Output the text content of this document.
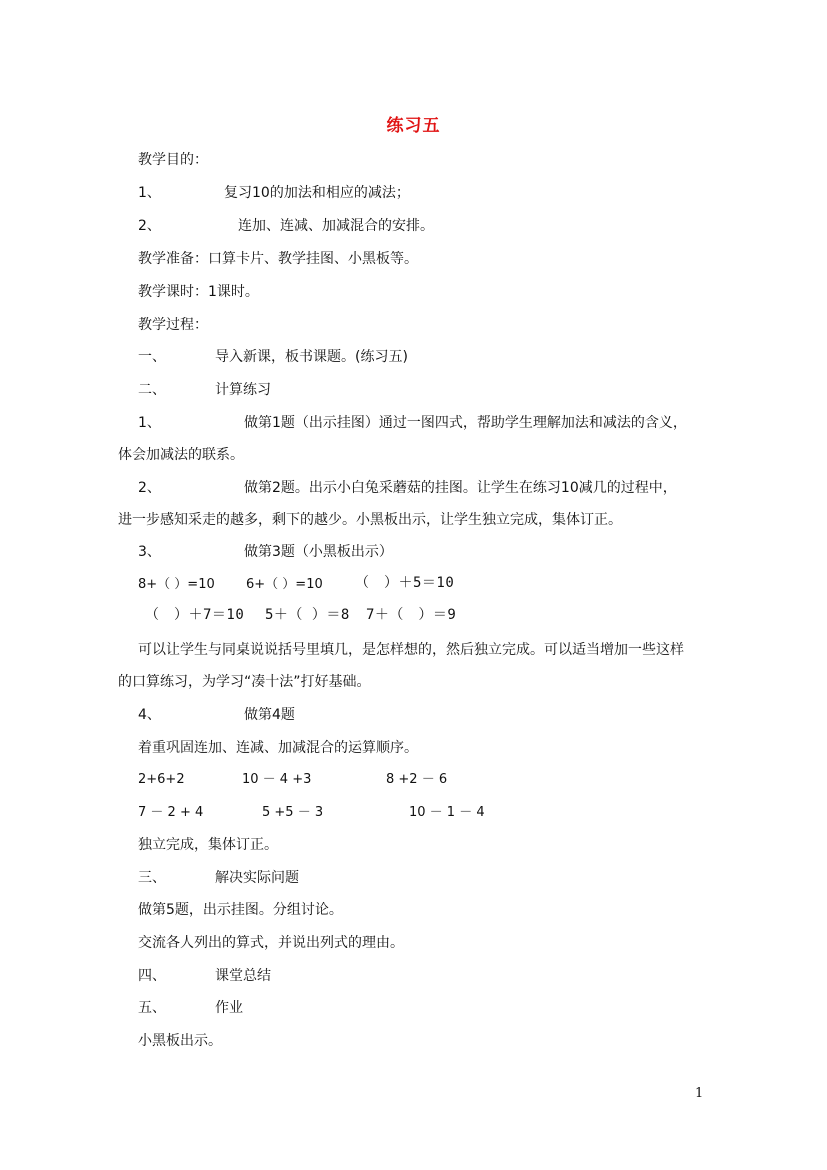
练习五
教学目的：
1、	复习10的加法和相应的减法；
2、	连加、连减、加减混合的安排。
教学准备：口算卡片、教学挂图、小黑板等。
教学课时：1课时。
教学过程：
一、	导入新课，板书课题。(练习五)
二、	计算练习
1、	做第1题（出示挂图）通过一图四式，帮助学生理解加法和减法的含义，
体会加减法的联系。
2、	做第2题。出示小白兔采蘑菇的挂图。让学生在练习10减几的过程中，
进一步感知采走的越多，剩下的越少。小黑板出示，让学生独立完成，集体订正。
3、	做第3题（小黑板出示）
8+（ ）=10 6+（ ）=10 （　）＋5＝10
（　）＋7＝10 5＋（ ）＝8 7＋（　）＝9
可以让学生与同桌说说括号里填几，是怎样想的，然后独立完成。可以适当增加一些这样
的口算练习，为学习“凑十法”打好基础。
4、	做第4题
着重巩固连加、连减、加减混合的运算顺序。
2+6+2	10 － 4 +3	8 +2 － 6
7 － 2 + 4	5 +5 － 3	10 － 1 － 4
独立完成，集体订正。
三、	解决实际问题
做第5题，出示挂图。分组讨论。
交流各人列出的算式，并说出列式的理由。
四、	课堂总结
五、	作业
小黑板出示。
1
